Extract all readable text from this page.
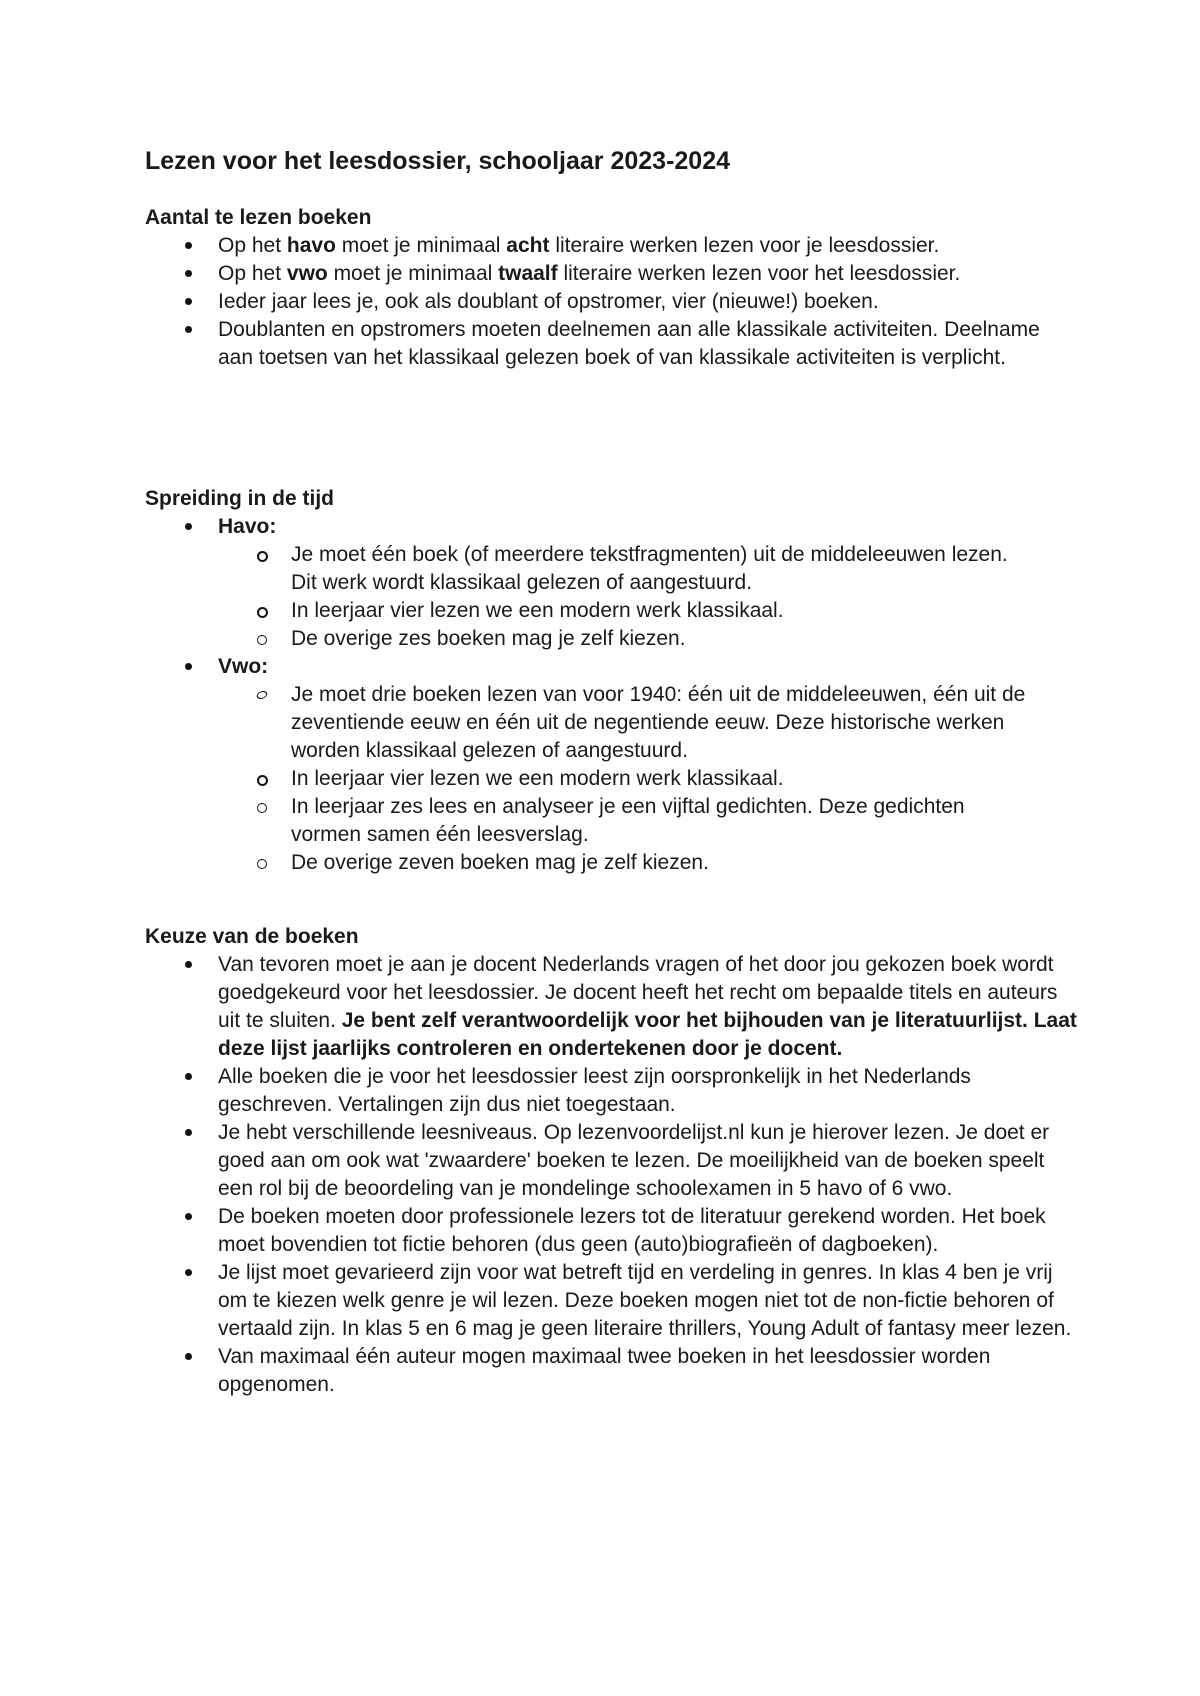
Lezen voor het leesdossier, schooljaar 2023-2024
Aantal te lezen boeken
Op het havo moet je minimaal acht literaire werken lezen voor je leesdossier.
Op het vwo moet je minimaal twaalf literaire werken lezen voor het leesdossier.
Ieder jaar lees je, ook als doublant of opstromer, vier (nieuwe!) boeken.
Doublanten en opstromers moeten deelnemen aan alle klassikale activiteiten. Deelname aan toetsen van het klassikaal gelezen boek of van klassikale activiteiten is verplicht.
Spreiding in de tijd
Havo:
Je moet één boek (of meerdere tekstfragmenten) uit de middeleeuwen lezen. Dit werk wordt klassikaal gelezen of aangestuurd.
In leerjaar vier lezen we een modern werk klassikaal.
De overige zes boeken mag je zelf kiezen.
Vwo:
Je moet drie boeken lezen van voor 1940: één uit de middeleeuwen, één uit de zeventiende eeuw en één uit de negentiende eeuw. Deze historische werken worden klassikaal gelezen of aangestuurd.
In leerjaar vier lezen we een modern werk klassikaal.
In leerjaar zes lees en analyseer je een vijftal gedichten. Deze gedichten vormen samen één leesverslag.
De overige zeven boeken mag je zelf kiezen.
Keuze van de boeken
Van tevoren moet je aan je docent Nederlands vragen of het door jou gekozen boek wordt goedgekeurd voor het leesdossier. Je docent heeft het recht om bepaalde titels en auteurs uit te sluiten. Je bent zelf verantwoordelijk voor het bijhouden van je literatuurlijst. Laat deze lijst jaarlijks controleren en ondertekenen door je docent.
Alle boeken die je voor het leesdossier leest zijn oorspronkelijk in het Nederlands geschreven. Vertalingen zijn dus niet toegestaan.
Je hebt verschillende leesniveaus. Op lezenvoordelijst.nl kun je hierover lezen. Je doet er goed aan om ook wat 'zwaardere' boeken te lezen. De moeilijkheid van de boeken speelt een rol bij de beoordeling van je mondelinge schoolexamen in 5 havo of 6 vwo.
De boeken moeten door professionele lezers tot de literatuur gerekend worden. Het boek moet bovendien tot fictie behoren (dus geen (auto)biografieën of dagboeken).
Je lijst moet gevarieerd zijn voor wat betreft tijd en verdeling in genres. In klas 4 ben je vrij om te kiezen welk genre je wil lezen. Deze boeken mogen niet tot de non-fictie behoren of vertaald zijn. In klas 5 en 6 mag je geen literaire thrillers, Young Adult of fantasy meer lezen.
Van maximaal één auteur mogen maximaal twee boeken in het leesdossier worden opgenomen.
